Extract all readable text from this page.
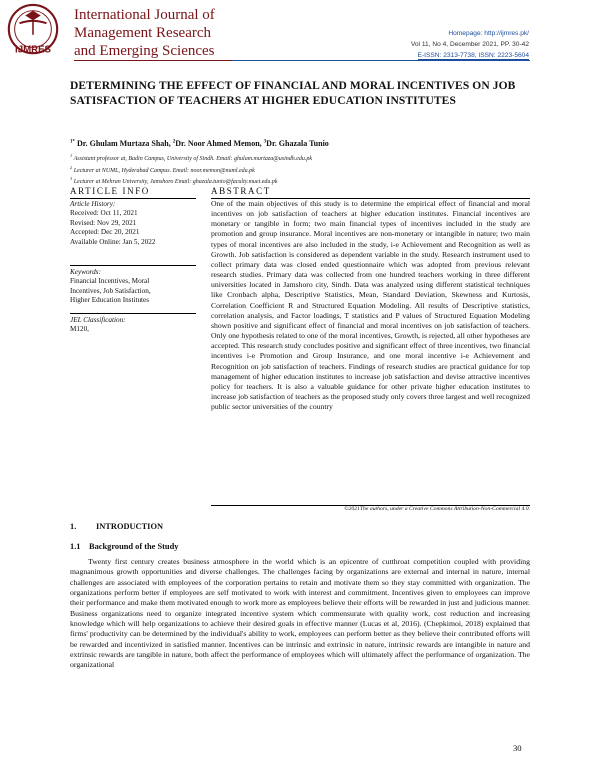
IJMRES
International Journal of
Management Research
and Emerging Sciences
Homepage: http://ijmres.pk/
Vol 11, No 4, December 2021, PP. 30-42
E-ISSN: 2313-7738, ISSN: 2223-5604
DETERMINING THE EFFECT OF FINANCIAL AND MORAL INCENTIVES ON JOB SATISFACTION OF TEACHERS AT HIGHER EDUCATION INSTITUTES
$^{1*}$ Dr. Ghulam Murtaza Shah, $^2$Dr. Noor Ahmed Memon, $^3$Dr. Ghazala Tunio
$^1$ Assistant professor at, Badin Campus, University of Sindh. Email: ghulam.murtaza@usindh.edu.pk
$^2$ Lecturer at NUML, Hyderabad Campus. Email: noor.memon@numl.edu.pk
$^3$ Lecturer at Mehran University, Jamshoro Email: ghazala.tunio@faculty.muet.edu.pk
ARTICLE INFO	ABSTRACT
Article History:
Received: Oct 11, 2021
Revised: Nov 29, 2021
Accepted: Dec 20, 2021
Available Online: Jan 5, 2022
Keywords:
Financial Incentives, Moral
Incentives, Job Satisfaction,
Higher Education Institutes
JEL Classification:
M120,
One of the main objectives of this study is to determine the empirical effect of financial and moral incentives on job satisfaction of teachers at higher education institutes. Financial incentives are monetary or tangible in form; two main financial types of incentives included in the study are promotion and group insurance. Moral incentives are non-monetary or intangible in nature; two main types of moral incentives are also included in the study, i-e Achievement and Recognition as well as Growth. Job satisfaction is considered as dependent variable in the study. Research instrument used to collect primary data was closed ended questionnaire which was adopted from previous relevant research studies. Primary data was collected from one hundred teachers working in three different universities located in Jamshoro city, Sindh. Data was analyzed using different statistical techniques like Cronbach alpha, Descriptive Statistics, Mean, Standard Deviation, Skewness and Kurtosis, Correlation Coefficient R and Structured Equation Modeling. All results of Descriptive statistics, correlation analysis, and Factor loadings, T statistics and P values of Structured Equation Modeling shown positive and significant effect of financial and moral incentives on job satisfaction of teachers. Only one hypothesis related to one of the moral incentives, Growth, is rejected, all other hypotheses are accepted. This research study concludes positive and significant effect of three incentives, two financial incentives i-e Promotion and Group Insurance, and one moral incentive i-e Achievement and Recognition on job satisfaction of teachers. Findings of research studies are practical guidance for top management of higher education institutes to increase job satisfaction and devise attractive incentives policy for teachers. It is also a valuable guidance for other private higher education institutes to increase job satisfaction of teachers as the proposed study only covers three largest and well recognized public sector universities of the country
©2021The authors, under a Creative Commons Attribution-Non-Commercial 4.0.
1. INTRODUCTION
1.1 Background of the Study
Twenty first century creates business atmosphere in the world which is an epicentre of cutthroat competition coupled with providing magnanimous growth opportunities and diverse challenges. The challenges facing by organizations are external and internal in nature, internal challenges are associated with employees of the corporation pertains to retain and motivate them so they stay committed with organization. The organizations perform better if employees are self motivated to work with interest and commitment. Incentives given to employees can improve their performance and make them motivated enough to work more as employees believe their efforts will be rewarded in just and judicious manner. Business organizations need to organize integrated incentive system which commensurate with quality work, cost reduction and increasing knowledge which will help organizations to achieve their desired goals in effective manner (Lucas et al, 2016). (Chepkimoi, 2018) explained that firms' productivity can be determined by the individual's ability to work, employees can perform better as they believe their contributed efforts will be rewarded and incentivized in satisfied manner. Incentives can be intrinsic and extrinsic in nature, intrinsic rewards are intangible in nature and extrinsic rewards are tangible in nature, both affect the performance of employees which will ultimately affect the performance of organization. The organizational
30
